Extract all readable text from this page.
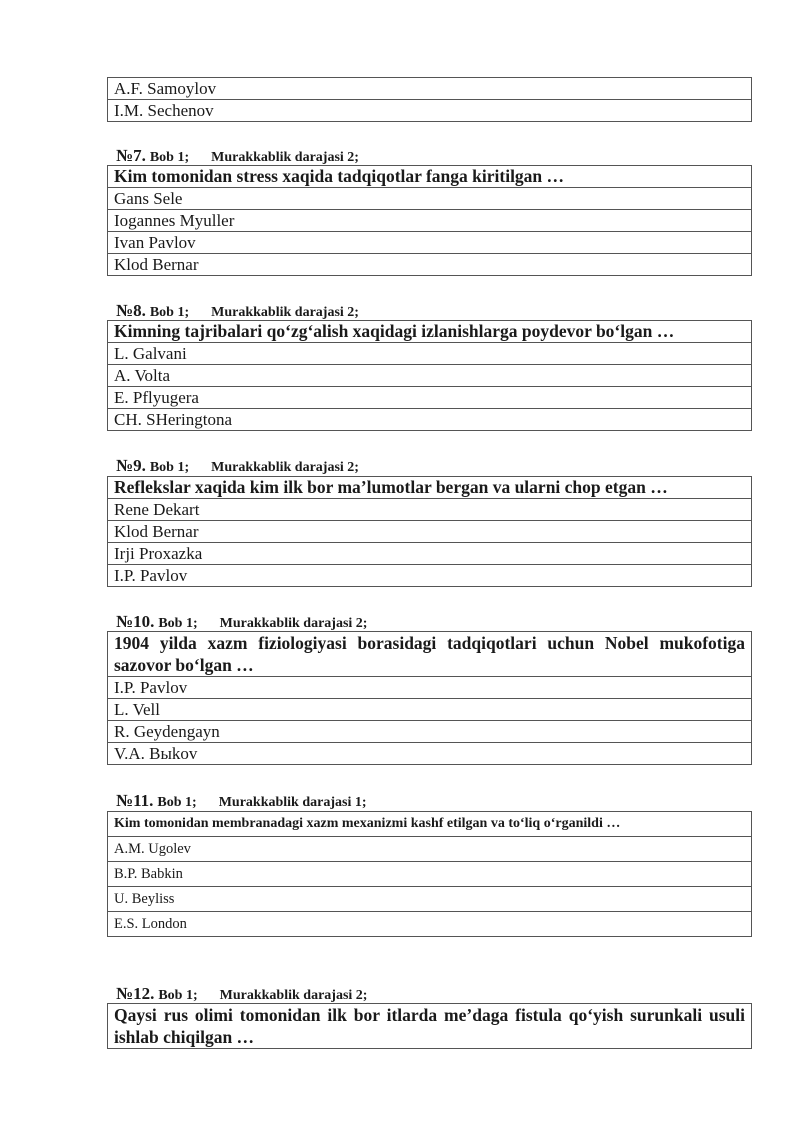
A.F. Samoylov
I.M. Sechenov
№7. Bob 1; Murakkablik darajasi 2;
Kim tomonidan stress xaqida tadqiqotlar fanga kiritilgan …
Gans Sele
Iogannes Myuller
Ivan Pavlov
Klod Bernar
№8. Bob 1; Murakkablik darajasi 2;
Kimning tajribalari qo‘zg‘alish xaqidagi izlanishlarga poydevor bo‘lgan …
L. Galvani
A. Volta
E. Pflyugera
CH. SHeringtona
№9. Bob 1; Murakkablik darajasi 2;
Reflekslar xaqida kim ilk bor ma’lumotlar bergan va ularni chop etgan …
Rene Dekart
Klod Bernar
Irji Proxazka
I.P. Pavlov
№10. Bob 1; Murakkablik darajasi 2;
1904 yilda xazm fiziologiyasi borasidagi tadqiqotlari uchun Nobel mukofotiga sazovor bo‘lgan …
I.P. Pavlov
L. Vell
R. Geydengayn
V.A. Выkov
№11. Bob 1; Murakkablik darajasi 1;
Kim tomonidan membranadagi xazm mexanizmi kashf etilgan va to‘liq o‘rganildi …
A.M. Ugolev
B.P. Babkin
U. Beyliss
E.S. London
№12. Bob 1; Murakkablik darajasi 2;
Qaysi rus olimi tomonidan ilk bor itlarda me’daga fistula qo‘yish surunkali usuli ishlab chiqilgan …
